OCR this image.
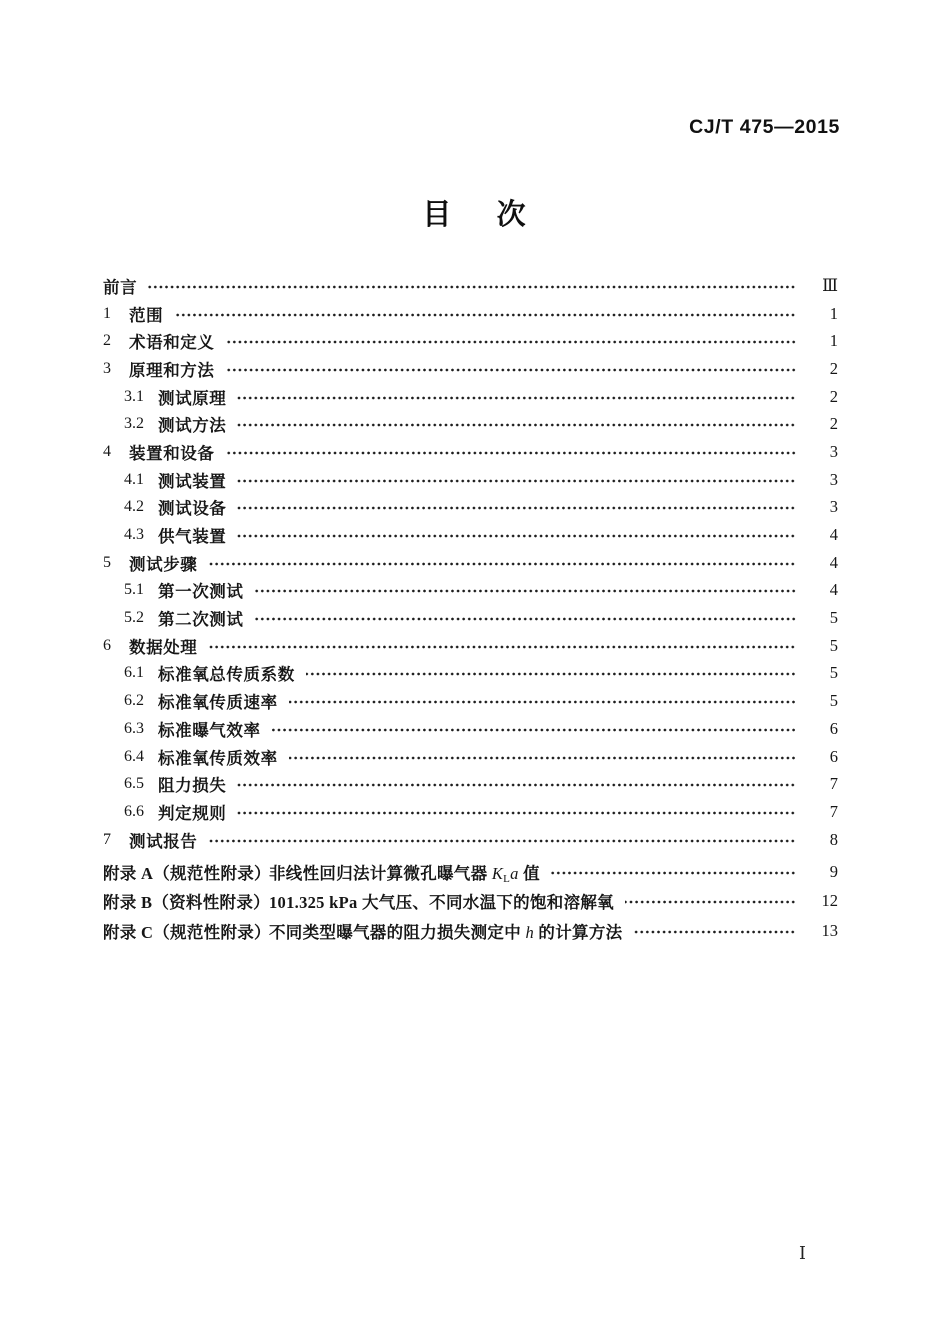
CJ/T 475—2015
目 次
前言	Ⅲ
1	范围	1
2	术语和定义	1
3	原理和方法	2
3.1 测试原理	2
3.2 测试方法	2
4	装置和设备	3
4.1 测试装置	3
4.2 测试设备	3
4.3 供气装置	4
5	测试步骤	4
5.1 第一次测试	4
5.2 第二次测试	5
6	数据处理	5
6.1 标准氧总传质系数	5
6.2 标准氧传质速率	5
6.3 标准曝气效率	6
6.4 标准氧传质效率	6
6.5 阻力损失	7
6.6 判定规则	7
7	测试报告	8
附录 A（规范性附录）
非线性回归法计算微孔曝气器 $K_La$ 值	9
附录 B（资料性附录） 101.325 kPa 大气压、不同水温下的饱和溶解氧	12
附录 C（规范性附录）
不同类型曝气器的阻力损失测定中 h 的计算方法	13
Ⅰ
